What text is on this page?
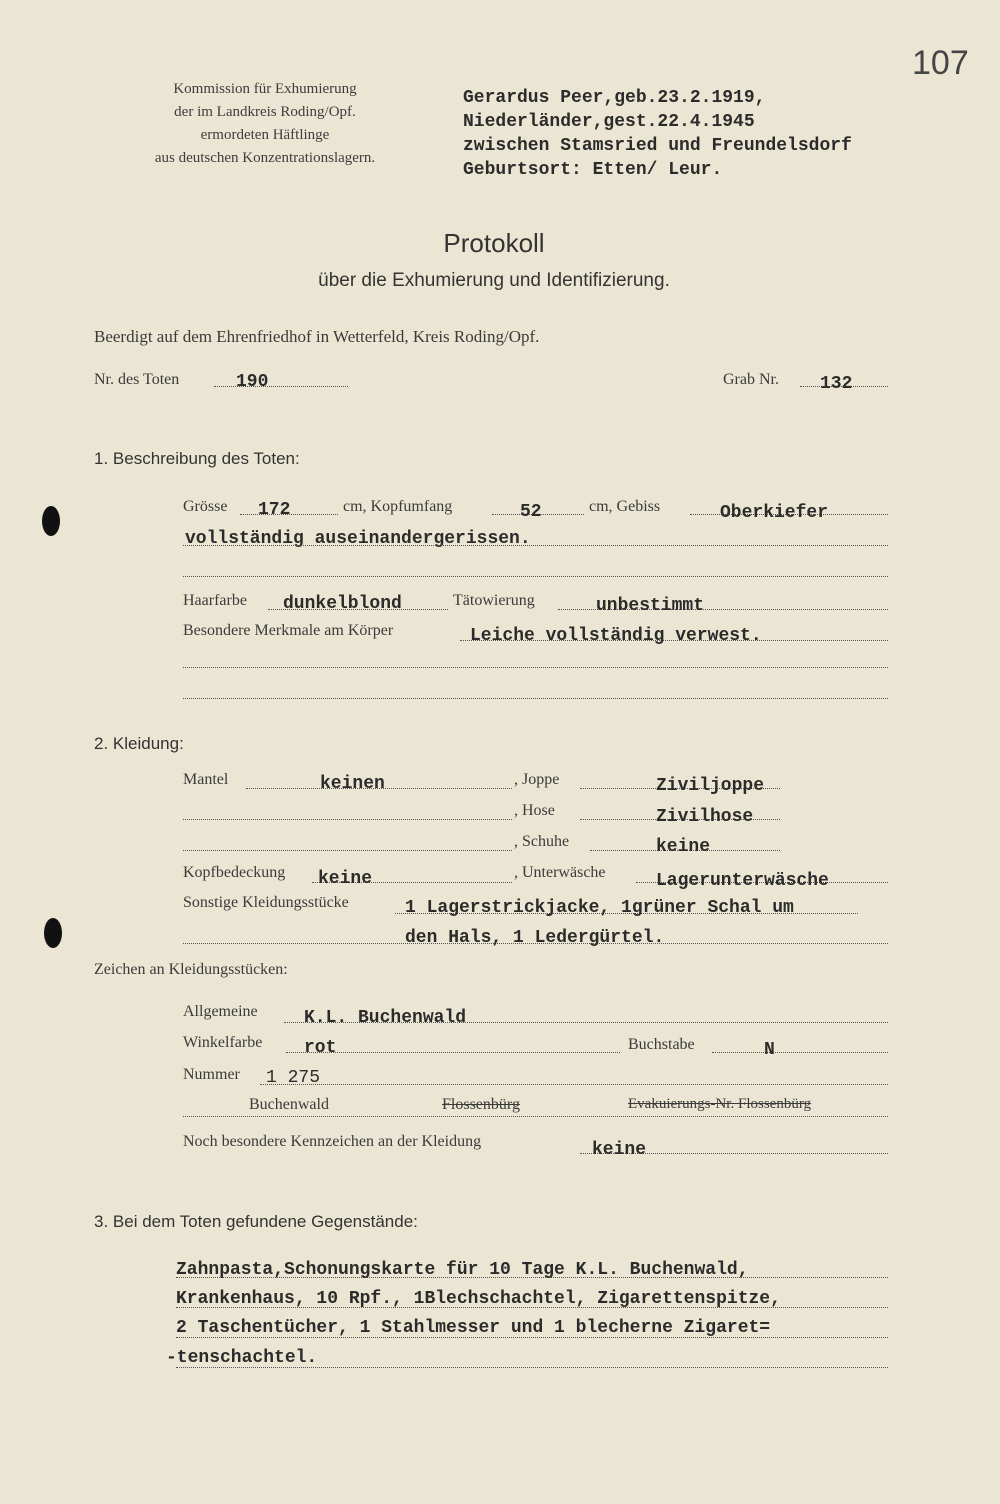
107
Kommission für Exhumierung
der im Landkreis Roding/Opf.
ermordeten Häftlinge
aus deutschen Konzentrationslagern.
Gerardus Peer,geb.23.2.1919,
Niederländer,gest.22.4.1945
zwischen Stamsried und Freundelsdorf
Geburtsort: Etten/ Leur.
Protokoll
über die Exhumierung und Identifizierung.
Beerdigt auf dem Ehrenfriedhof in Wetterfeld, Kreis Roding/Opf.
Nr. des Toten	190	Grab Nr. 132
1. Beschreibung des Toten:
Grösse 172	cm, Kopfumfang	52	cm, Gebiss	Oberkiefer
vollständig auseinandergerissen.
Haarfarbe dunkelblond	Tätowierung	unbestimmt
Besondere Merkmale am Körper	Leiche vollständig verwest.
2. Kleidung:
Mantel	keinen	, Joppe	Ziviljoppe
, Hose	Zivilhose
, Schuhe	keine
Kopfbedeckung keine	, Unterwäsche	Lagerunterwäsche
Sonstige Kleidungsstücke	1 Lagerstrickjacke, 1grüner Schal um
den Hals, 1 Ledergürtel.
Zeichen an Kleidungsstücken:
Allgemeine	K.L. Buchenwald
Winkelfarbe rot	Buchstabe	N
Nummer 1 275
Buchenwald	Flossenbürg	Evakuierungs-Nr. Flossenbürg
Noch besondere Kennzeichen an der Kleidung	keine
3. Bei dem Toten gefundene Gegenstände:
Zahnpasta,Schonungskarte für 10 Tage K.L. Buchenwald,
Krankenhaus, 10 Rpf., 1Blechschachtel, Zigarettenspitze,
2 Taschentücher, 1 Stahlmesser und 1 blecherne Zigaret=
-tenschachtel.
